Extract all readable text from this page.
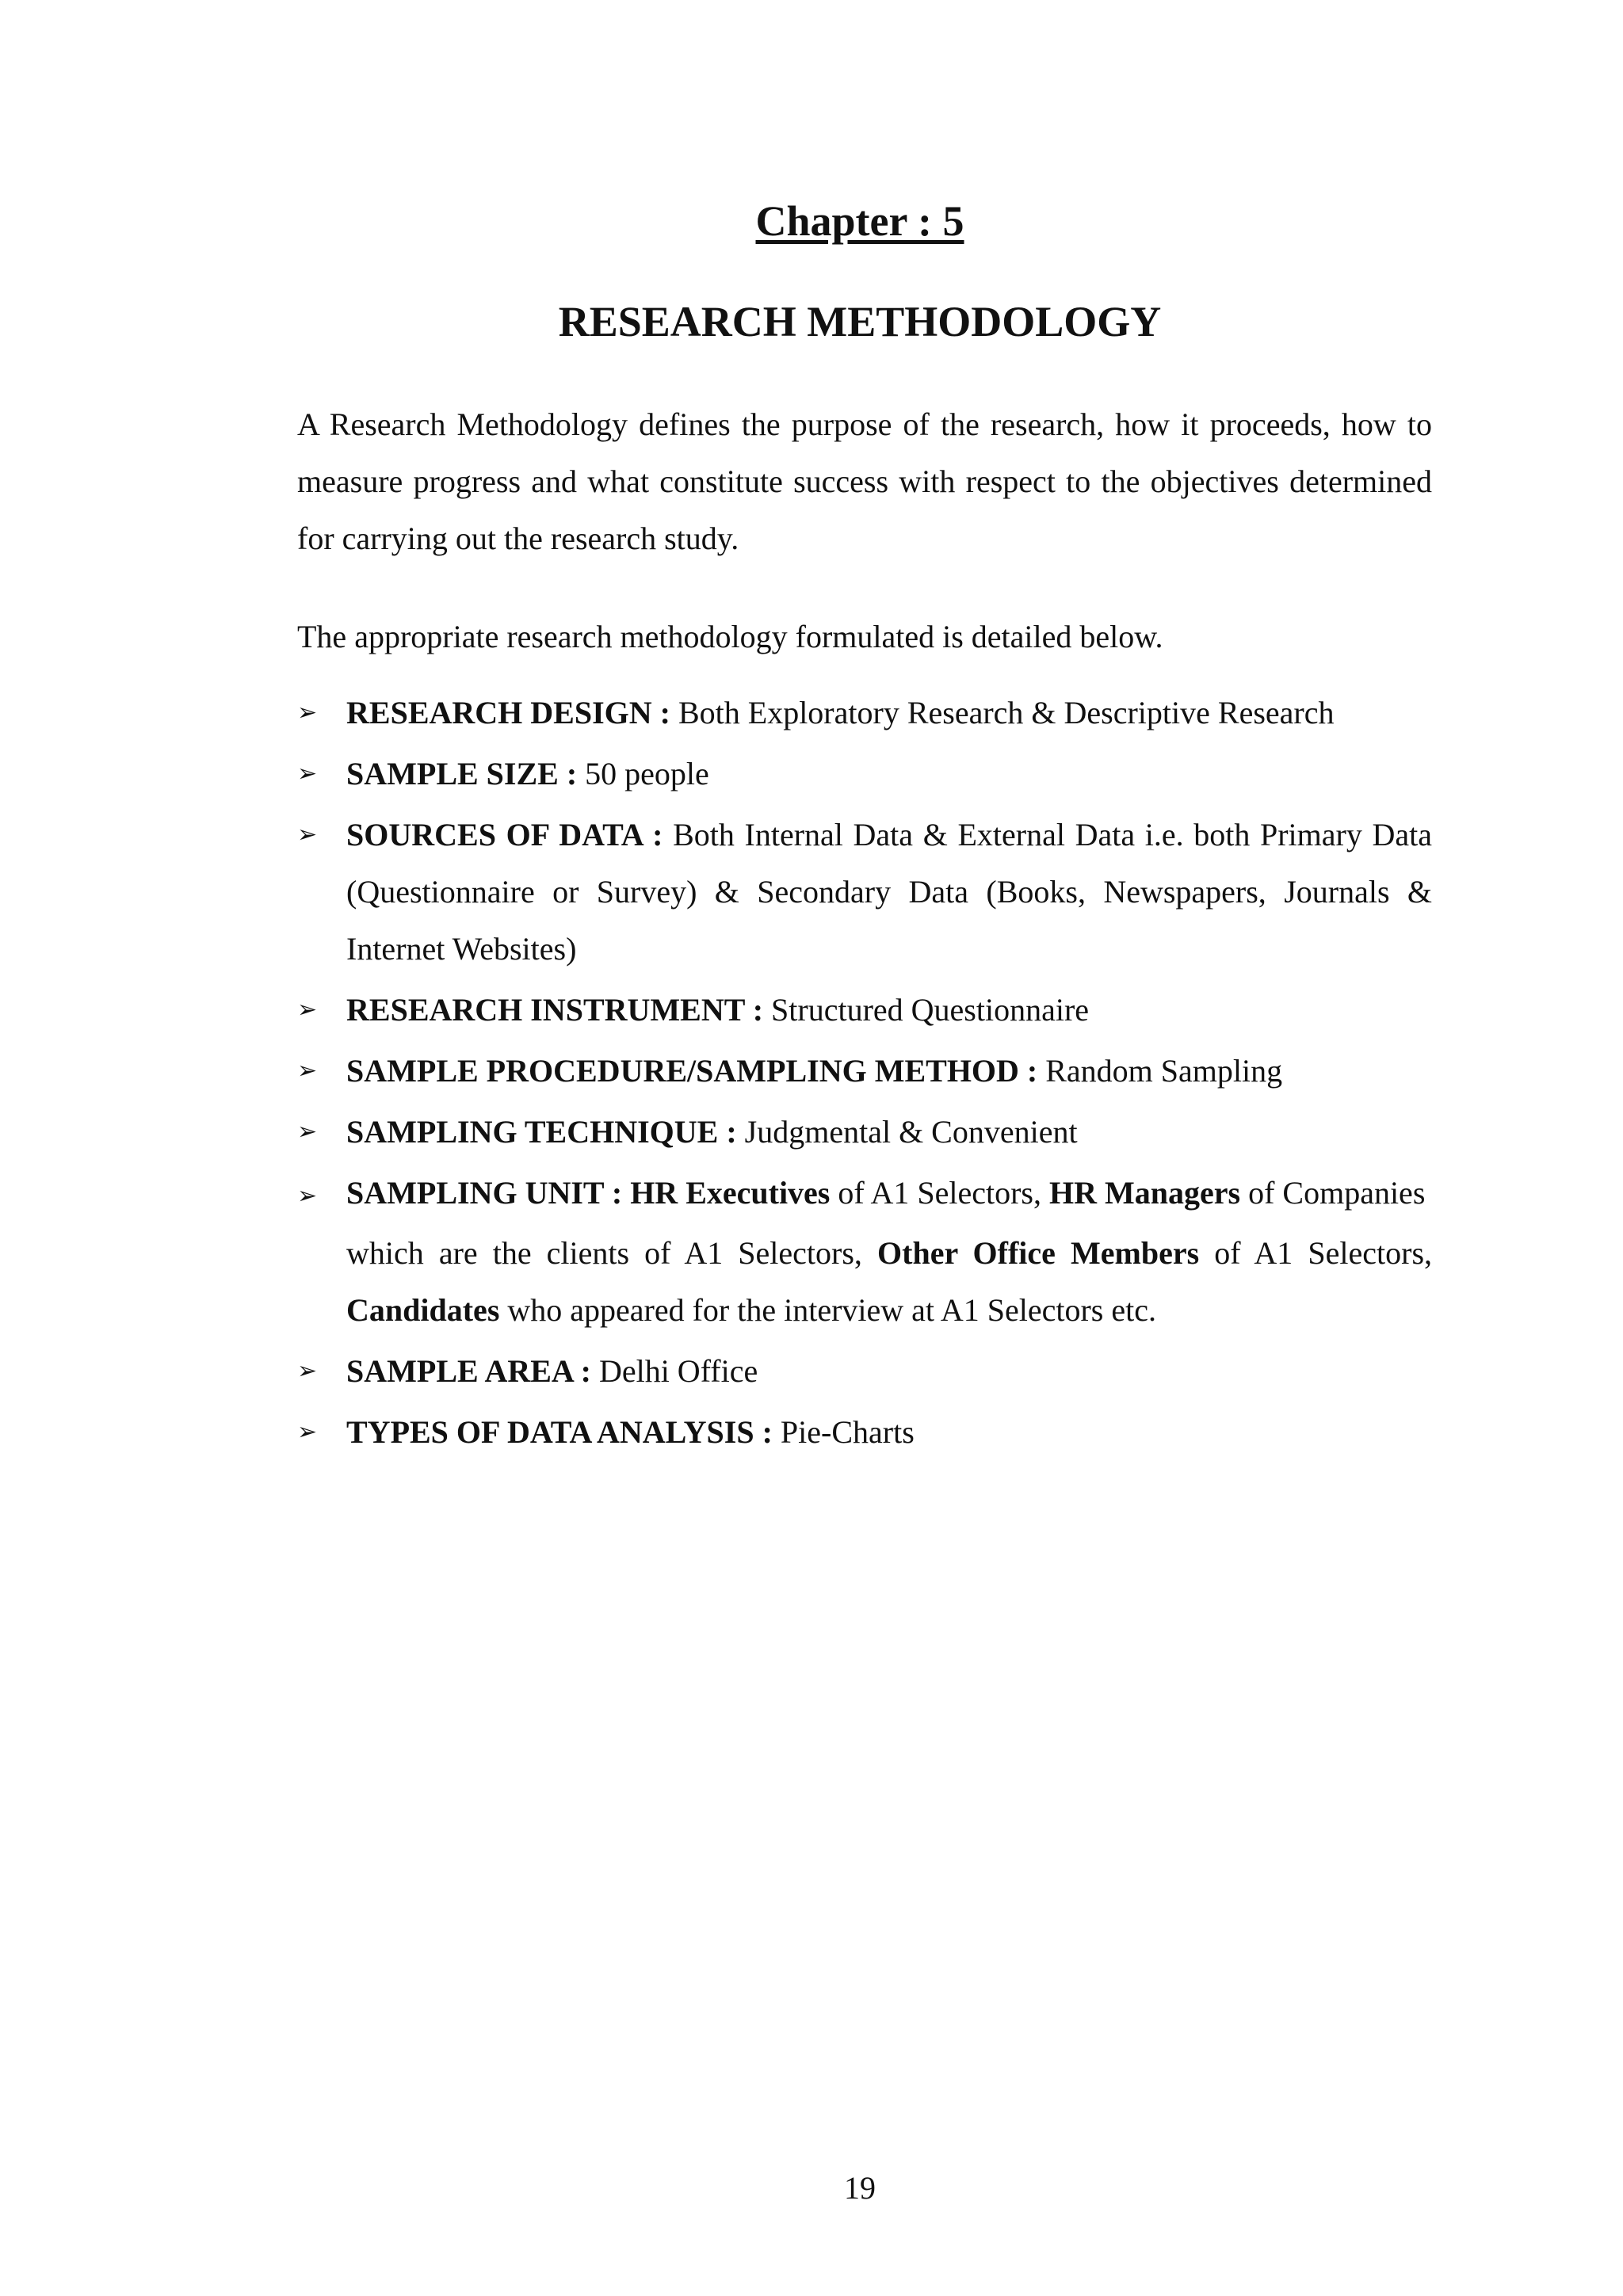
Chapter : 5
RESEARCH METHODOLOGY

A Research Methodology defines the purpose of the research, how it proceeds, how to measure progress and what constitute success with respect to the objectives determined for carrying out the research study.

The appropriate research methodology formulated is detailed below.

➢ RESEARCH DESIGN : Both Exploratory Research & Descriptive Research
➢ SAMPLE SIZE : 50 people
➢ SOURCES OF DATA : Both Internal Data & External Data i.e. both Primary Data (Questionnaire or Survey) & Secondary Data (Books, Newspapers, Journals & Internet Websites)
➢ RESEARCH INSTRUMENT : Structured Questionnaire
➢ SAMPLE PROCEDURE/SAMPLING METHOD : Random Sampling
➢ SAMPLING TECHNIQUE : Judgmental & Convenient
➢ SAMPLING UNIT : HR Executives of A1 Selectors, HR Managers of Companies
which are the clients of A1 Selectors, Other Office Members of A1 Selectors, Candidates who appeared for the interview at A1 Selectors etc.
➢ SAMPLE AREA : Delhi Office
➢ TYPES OF DATA ANALYSIS : Pie-Charts
19
